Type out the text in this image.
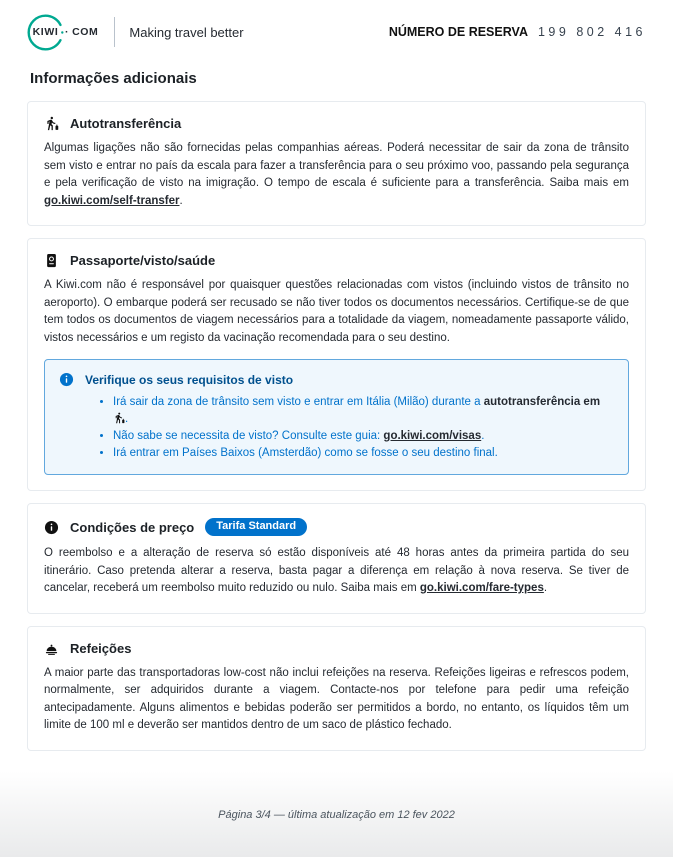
KIWI · COM Making travel better	NÚMERO DE RESERVA 199 802 416
Informações adicionais
Autotransferência

Algumas ligações não são fornecidas pelas companhias aéreas. Poderá necessitar de sair da zona de trânsito sem visto e entrar no país da escala para fazer a transferência para o seu próximo voo, passando pela segurança e pela verificação de visto na imigração. O tempo de escala é suficiente para a transferência. Saiba mais em go.kiwi.com/self-transfer.

Passaporte/visto/saúde

A Kiwi.com não é responsável por quaisquer questões relacionadas com vistos (incluindo vistos de trânsito no aeroporto). O embarque poderá ser recusado se não tiver todos os documentos necessários. Certifique-se de que tem todos os documentos de viagem necessários para a totalidade da viagem, nomeadamente passaporte válido, vistos necessários e um registo da vacinação recomendada para o seu destino.

Verifique os seus requisitos de visto
Irá sair da zona de trânsito sem visto e entrar em Itália (Milão) durante a autotransferência em .
Não sabe se necessita de visto? Consulte este guia: go.kiwi.com/visas.
Irá entrar em Países Baixos (Amsterdão) como se fosse o seu destino final.
Condições de preço	Tarifa Standard

O reembolso e a alteração de reserva só estão disponíveis até 48 horas antes da primeira partida do seu itinerário. Caso pretenda alterar a reserva, basta pagar a diferença em relação à nova reserva. Se tiver de cancelar, receberá um reembolso muito reduzido ou nulo. Saiba mais em go.kiwi.com/fare-types.

Refeições

A maior parte das transportadoras low-cost não inclui refeições na reserva. Refeições ligeiras e refrescos podem, normalmente, ser adquiridos durante a viagem. Contacte-nos por telefone para pedir uma refeição antecipadamente. Alguns alimentos e bebidas poderão ser permitidos a bordo, no entanto, os líquidos têm um limite de 100 ml e deverão ser mantidos dentro de um saco de plástico fechado.

Página 3/4 — última atualização em 12 fev 2022
